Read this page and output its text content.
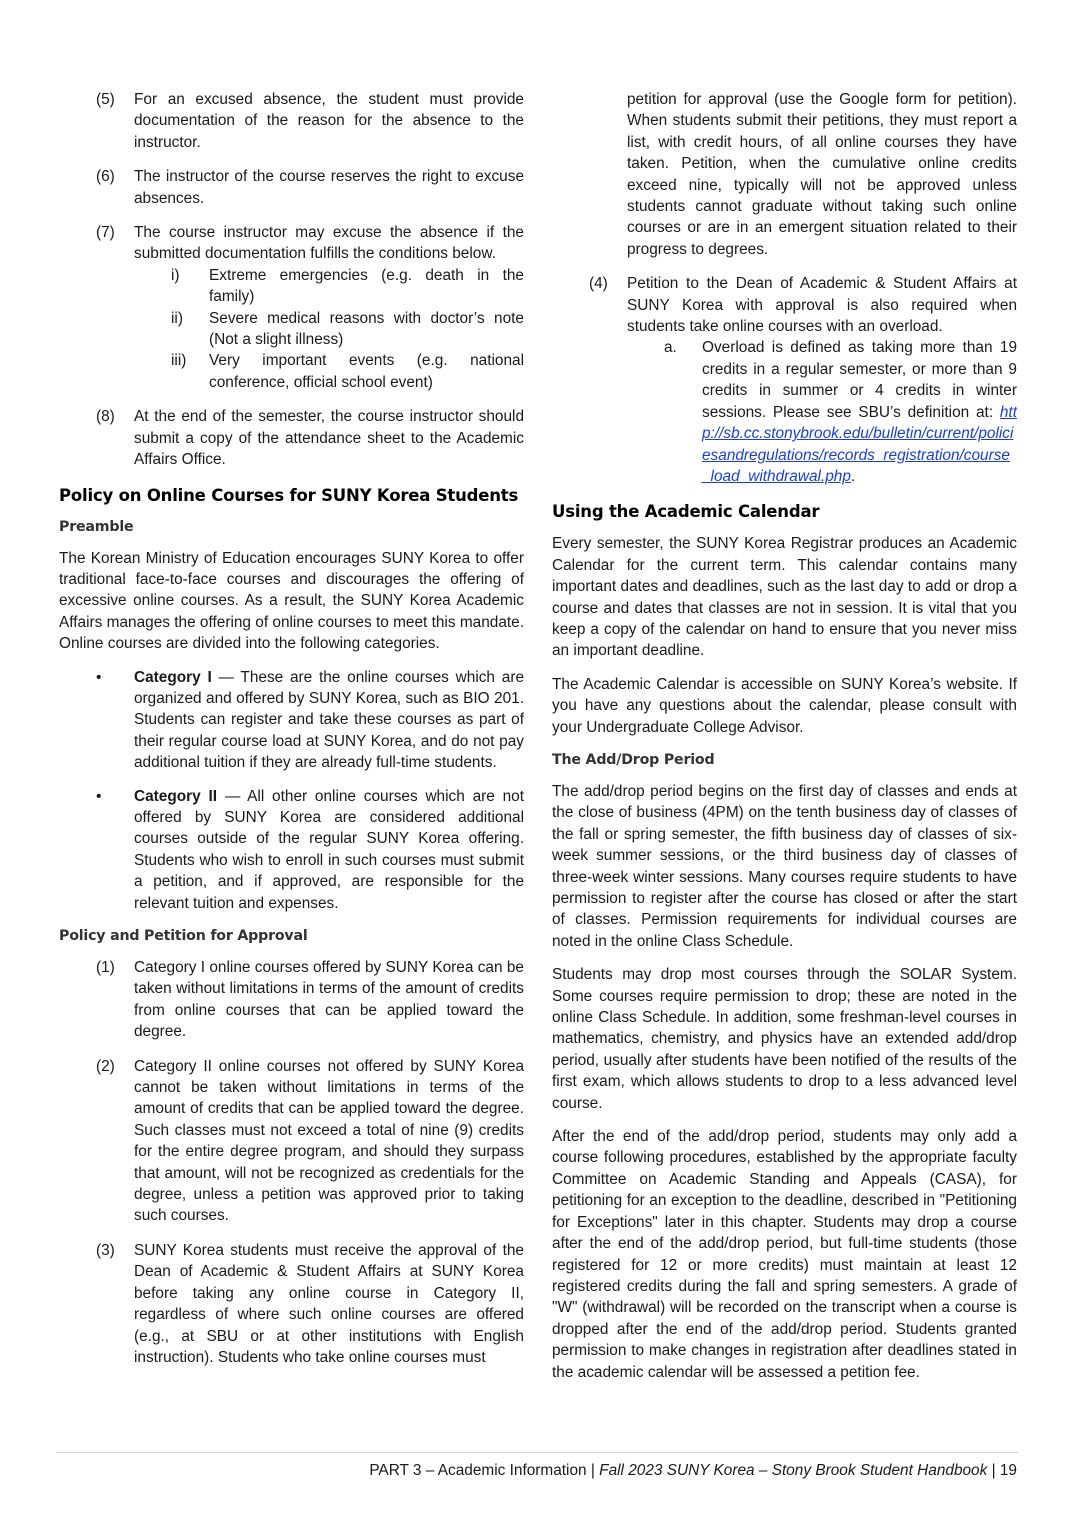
(5)	For an excused absence, the student must provide documentation of the reason for the absence to the instructor.
(6)	The instructor of the course reserves the right to excuse absences.
(7)	The course instructor may excuse the absence if the submitted documentation fulfills the conditions below.
i)	Extreme emergencies (e.g. death in the family)
ii)	Severe medical reasons with doctor’s note (Not a slight illness)
iii)	Very important events (e.g. national conference, official school event)
(8)	At the end of the semester, the course instructor should submit a copy of the attendance sheet to the Academic Affairs Office.
Policy on Online Courses for SUNY Korea Students
Preamble

The Korean Ministry of Education encourages SUNY Korea to offer traditional face-to-face courses and discourages the offering of excessive online courses. As a result, the SUNY Korea Academic Affairs manages the offering of online courses to meet this mandate. Online courses are divided into the following categories.

•	Category I — These are the online courses which are organized and offered by SUNY Korea, such as BIO 201. Students can register and take these courses as part of their regular course load at SUNY Korea, and do not pay additional tuition if they are already full-time students.
•	Category II — All other online courses which are not offered by SUNY Korea are considered additional courses outside of the regular SUNY Korea offering. Students who wish to enroll in such courses must submit a petition, and if approved, are responsible for the relevant tuition and expenses.
Policy and Petition for Approval
(1)	Category I online courses offered by SUNY Korea can be taken without limitations in terms of the amount of credits from online courses that can be applied toward the degree.
(2)	Category II online courses not offered by SUNY Korea cannot be taken without limitations in terms of the amount of credits that can be applied toward the degree. Such classes must not exceed a total of nine (9) credits for the entire degree program, and should they surpass that amount, will not be recognized as credentials for the degree, unless a petition was approved prior to taking such courses.
(3)	SUNY Korea students must receive the approval of the Dean of Academic & Student Affairs at SUNY Korea before taking any online course in Category II, regardless of where such online courses are offered (e.g., at SBU or at other institutions with English instruction). Students who take online courses must
petition for approval (use the Google form for petition). When students submit their petitions, they must report a list, with credit hours, of all online courses they have taken. Petition, when the cumulative online credits exceed nine, typically will not be approved unless students cannot graduate without taking such online courses or are in an emergent situation related to their progress to degrees.
(4)	Petition to the Dean of Academic & Student Affairs at SUNY Korea with approval is also required when students take online courses with an overload.
a.	Overload is defined as taking more than 19 credits in a regular semester, or more than 9 credits in summer or 4 credits in winter sessions. Please see SBU’s definition at: http://sb.cc.stonybrook.edu/bulletin/current/policiesandregulations/records_registration/course_load_withdrawal.php.
Using the Academic Calendar

Every semester, the SUNY Korea Registrar produces an Academic Calendar for the current term. This calendar contains many important dates and deadlines, such as the last day to add or drop a course and dates that classes are not in session. It is vital that you keep a copy of the calendar on hand to ensure that you never miss an important deadline.

The Academic Calendar is accessible on SUNY Korea’s website. If you have any questions about the calendar, please consult with your Undergraduate College Advisor.

The Add/Drop Period

The add/drop period begins on the first day of classes and ends at the close of business (4PM) on the tenth business day of classes of the fall or spring semester, the fifth business day of classes of six-week summer sessions, or the third business day of classes of three-week winter sessions. Many courses require students to have permission to register after the course has closed or after the start of classes. Permission requirements for individual courses are noted in the online Class Schedule.

Students may drop most courses through the SOLAR System. Some courses require permission to drop; these are noted in the online Class Schedule. In addition, some freshman-level courses in mathematics, chemistry, and physics have an extended add/drop period, usually after students have been notified of the results of the first exam, which allows students to drop to a less advanced level course.

After the end of the add/drop period, students may only add a course following procedures, established by the appropriate faculty Committee on Academic Standing and Appeals (CASA), for petitioning for an exception to the deadline, described in "Petitioning for Exceptions" later in this chapter. Students may drop a course after the end of the add/drop period, but full-time students (those registered for 12 or more credits) must maintain at least 12 registered credits during the fall and spring semesters. A grade of "W" (withdrawal) will be recorded on the transcript when a course is dropped after the end of the add/drop period. Students granted permission to make changes in registration after deadlines stated in the academic calendar will be assessed a petition fee.

PART 3 – Academic Information | Fall 2023 SUNY Korea – Stony Brook Student Handbook | 19
